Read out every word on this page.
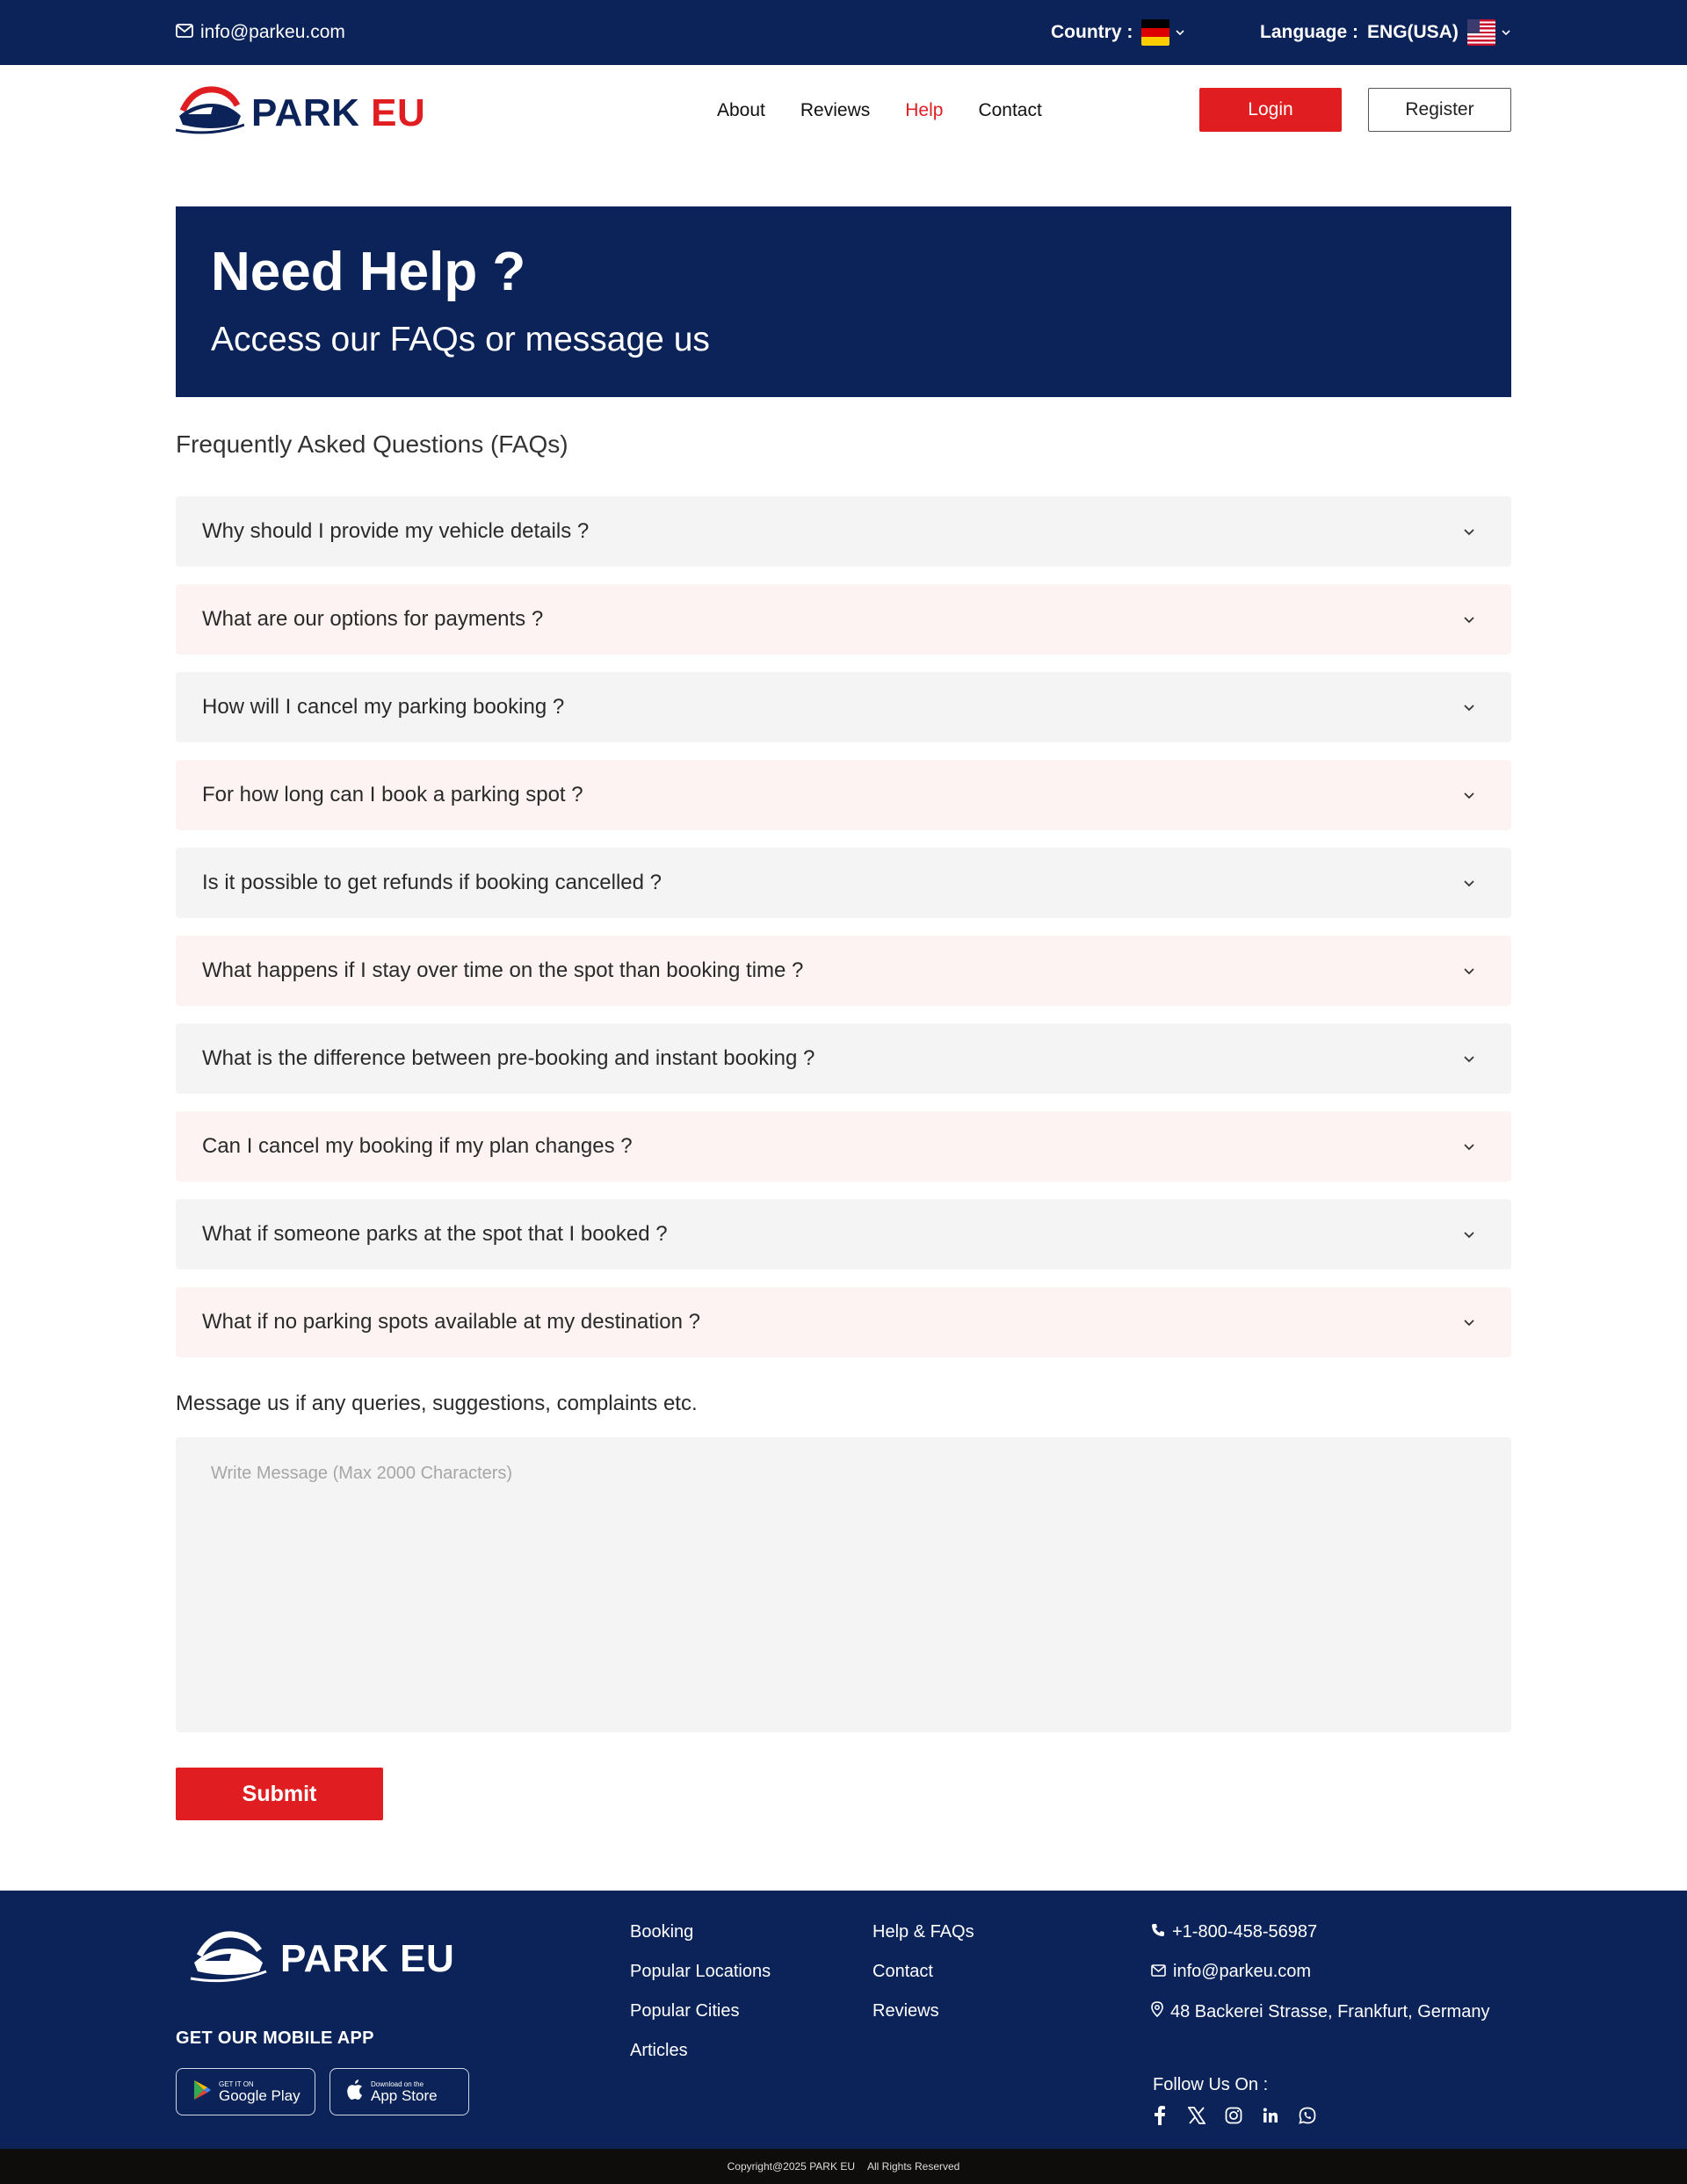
info@parkeu.com	Country :	Language : ENG(USA)
PARK EU	About Reviews Help Contact	Login	Register
Need Help ?

Access our FAQs or message us

Frequently Asked Questions (FAQs)
Why should I provide my vehicle details ?
What are our options for payments ?
How will I cancel my parking booking ?
For how long can I book a parking spot ?
Is it possible to get refunds if booking cancelled ?
What happens if I stay over time on the spot than booking time ?
What is the difference between pre-booking and instant booking ?
Can I cancel my booking if my plan changes ?
What if someone parks at the spot that I booked ?
What if no parking spots available at my destination ?
Message us if any queries, suggestions, complaints etc.
Write Message (Max 2000 Characters)
Submit
PARK EU
GET OUR MOBILE APP
GET IT ON
Google Play
Download on the
App Store
Booking
Popular Locations
Popular Cities
Articles
Help & FAQs
Contact
Reviews
+1-800-458-56987
info@parkeu.com
48 Backerei Strasse, Frankfurt, Germany
Follow Us On :
Copyright@2025 PARK EU All Rights Reserved
